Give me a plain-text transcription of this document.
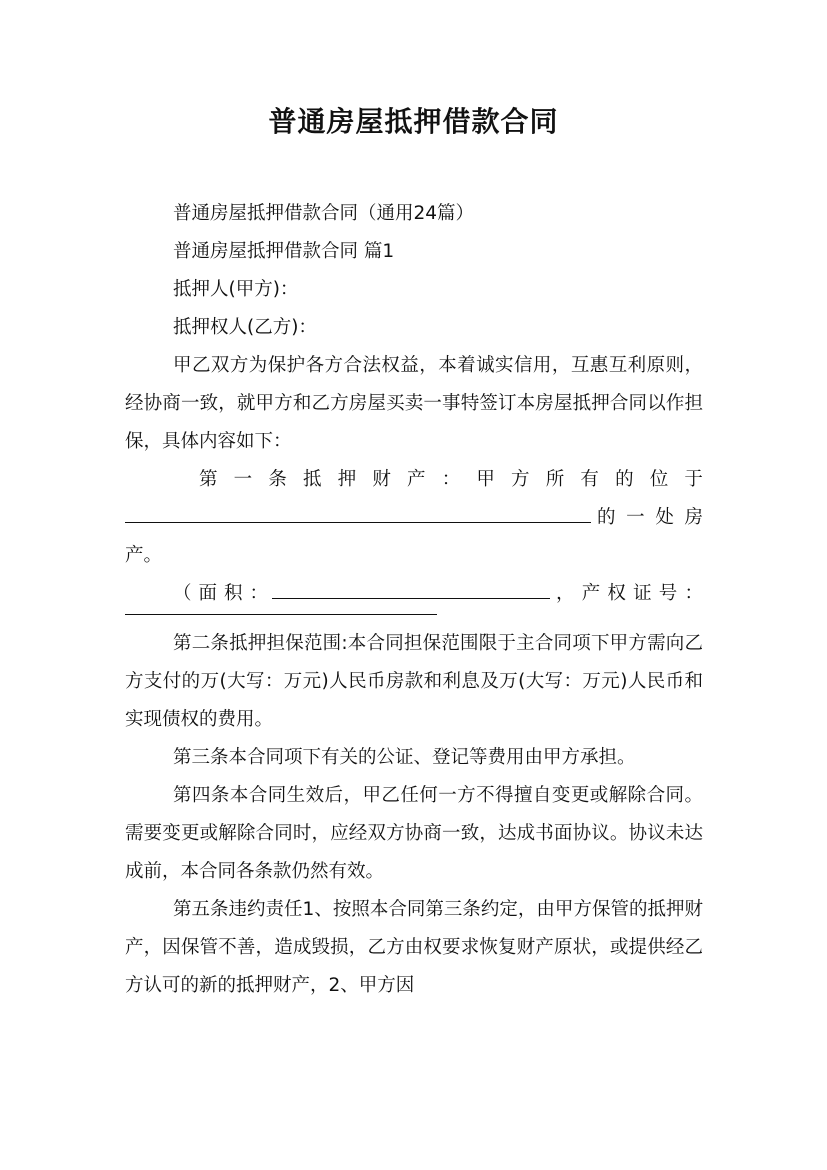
普通房屋抵押借款合同

普通房屋抵押借款合同（通用24篇）

普通房屋抵押借款合同 篇1

抵押人(甲方)：

抵押权人(乙方)：

甲乙双方为保护各方合法权益，本着诚实信用，互惠互利原则，经协商一致，就甲方和乙方房屋买卖一事特签订本房屋抵押合同以作担保，具体内容如下：

第 一 条 抵 押 财 产 ： 甲 方 所 有 的 位 于
的 一 处 房

产。

（ 面 积 ：	， 产 权 证 号 ：

第二条抵押担保范围:本合同担保范围限于主合同项下甲方需向乙方支付的万(大写：万元)人民币房款和利息及万(大写：万元)人民币和实现债权的费用。

第三条本合同项下有关的公证、登记等费用由甲方承担。

第四条本合同生效后，甲乙任何一方不得擅自变更或解除合同。需要变更或解除合同时，应经双方协商一致，达成书面协议。协议未达成前，本合同各条款仍然有效。

第五条违约责任1、按照本合同第三条约定，由甲方保管的抵押财产，因保管不善，造成毁损，乙方由权要求恢复财产原状，或提供经乙方认可的新的抵押财产，2、甲方因
